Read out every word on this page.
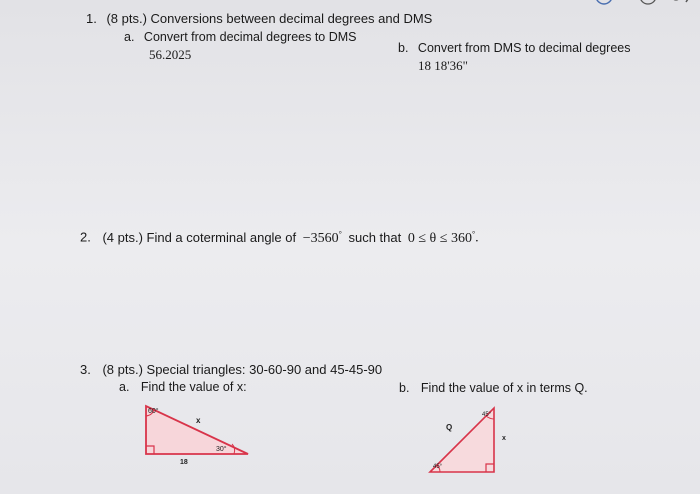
1. (8 pts.) Conversions between decimal degrees and DMS
a. Convert from decimal degrees to DMS
56.2025	b. Convert from DMS to decimal degrees
18 18'36"
2. (4 pts.) Find a coterminal angle of −3560° such that 0 ≤ θ ≤ 360°.
3. (8 pts.) Special triangles: 30-60-90 and 45-45-90
a. Find the value of x:	b. Find the value of x in terms Q.
60°
30°
x
18
45°
45°
Q
x
